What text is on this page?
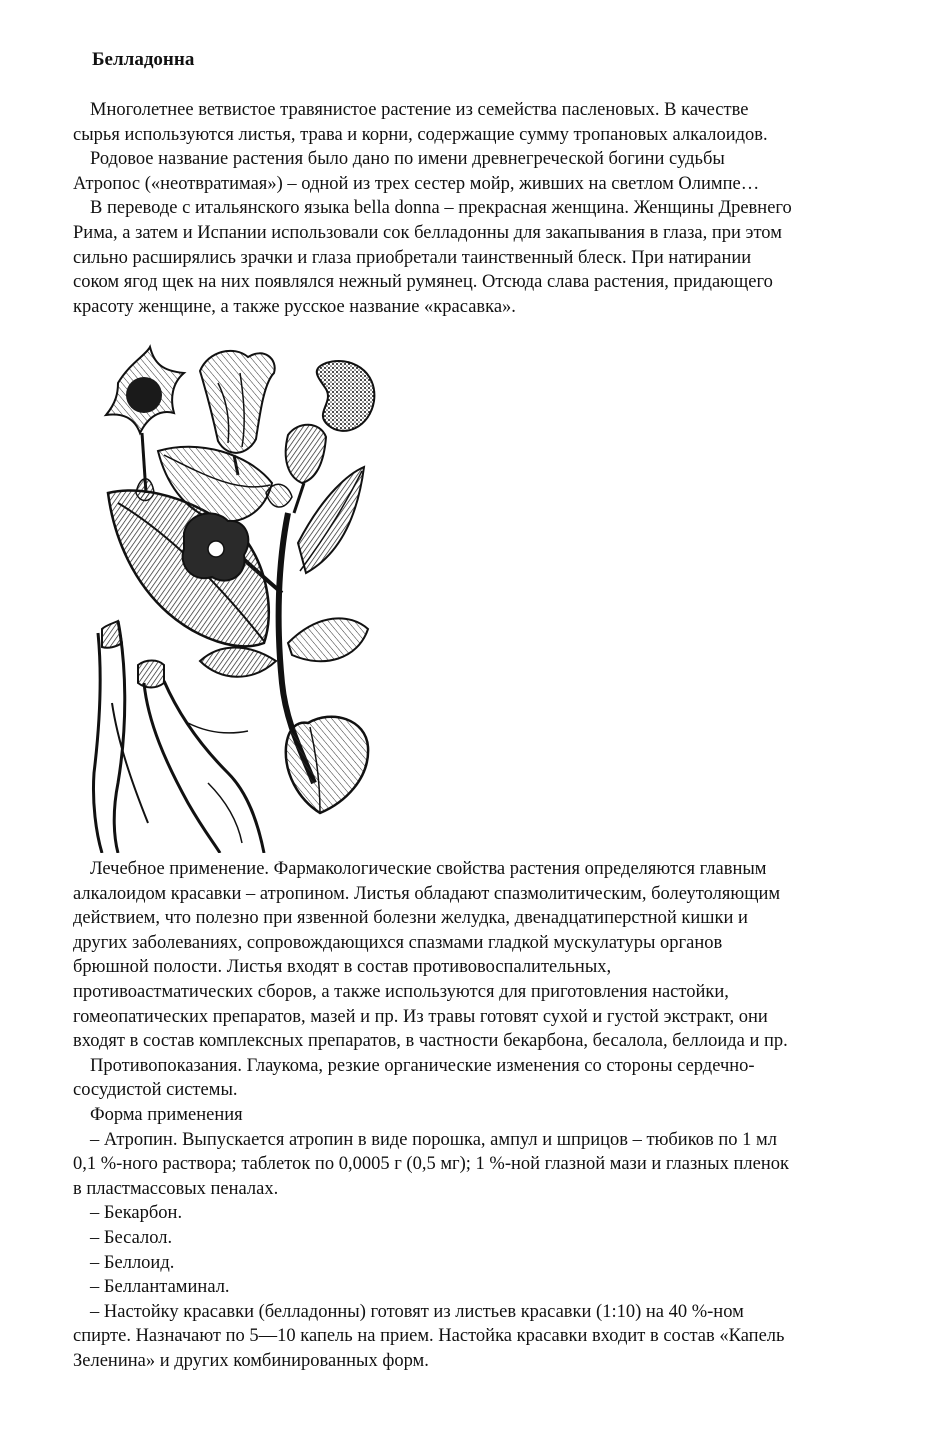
Белладонна
Многолетнее ветвистое травянистое растение из семейства пасленовых. В качестве
сырья используются листья, трава и корни, содержащие сумму тропановых алкалоидов.
Родовое название растения было дано по имени древнегреческой богини судьбы
Атропос («неотвратимая») – одной из трех сестер мойр, живших на светлом Олимпе…
В переводе с итальянского языка bella donna – прекрасная женщина. Женщины Древнего
Рима, а затем и Испании использовали сок белладонны для закапывания в глаза, при этом
сильно расширялись зрачки и глаза приобретали таинственный блеск. При натирании
соком ягод щек на них появлялся нежный румянец. Отсюда слава растения, придающего
красоту женщине, а также русское название «красавка».
Лечебное применение. Фармакологические свойства растения определяются главным
алкалоидом красавки – атропином. Листья обладают спазмолитическим, болеутоляющим
действием, что полезно при язвенной болезни желудка, двенадцатиперстной кишки и
других заболеваниях, сопровождающихся спазмами гладкой мускулатуры органов
брюшной полости. Листья входят в состав противовоспалительных,
противоастматических сборов, а также используются для приготовления настойки,
гомеопатических препаратов, мазей и пр. Из травы готовят сухой и густой экстракт, они
входят в состав комплексных препаратов, в частности бекарбона, бесалола, беллоида и пр.
Противопоказания. Глаукома, резкие органические изменения со стороны сердечно-
сосудистой системы.
Форма применения
– Атропин. Выпускается атропин в виде порошка, ампул и шприцов – тюбиков по 1 мл
0,1 %-ного раствора; таблеток по 0,0005 г (0,5 мг); 1 %-ной глазной мази и глазных пленок
в пластмассовых пеналах.
– Бекарбон.
– Бесалол.
– Беллоид.
– Беллантаминал.
– Настойку красавки (белладонны) готовят из листьев красавки (1:10) на 40 %-ном
спирте. Назначают по 5—10 капель на прием. Настойка красавки входит в состав «Капель
Зеленина» и других комбинированных форм.
